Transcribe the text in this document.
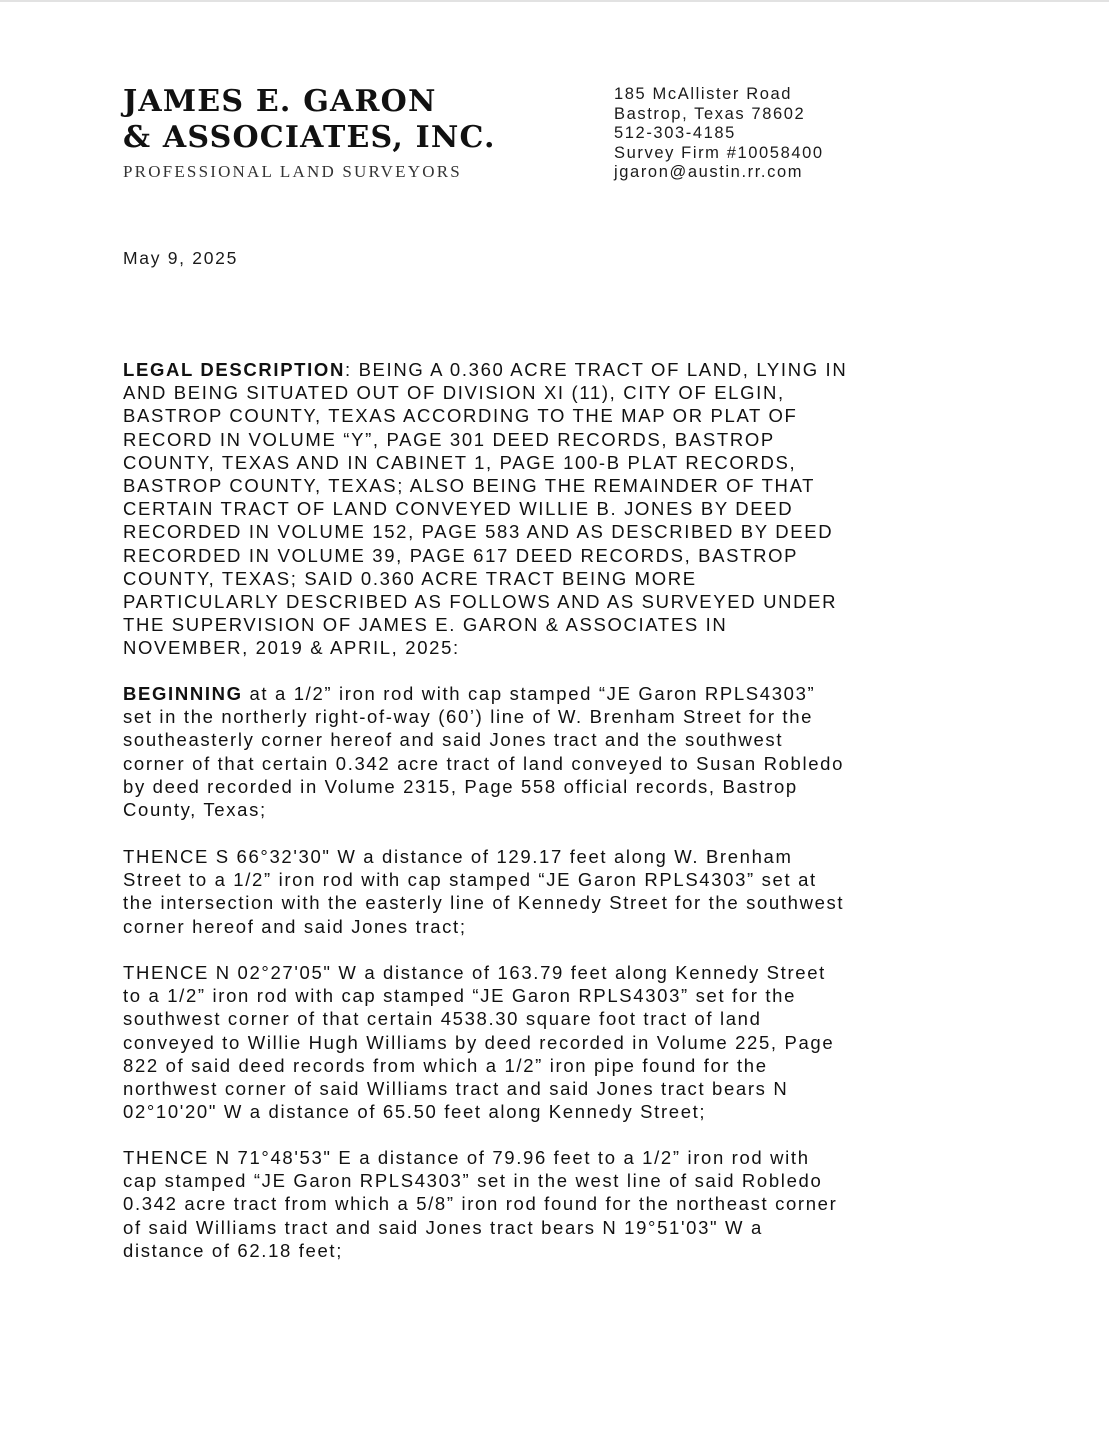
JAMES E. GARON
& ASSOCIATES, INC.
PROFESSIONAL LAND SURVEYORS
185 McAllister Road
Bastrop, Texas 78602
512-303-4185
Survey Firm #10058400
jgaron@austin.rr.com
May 9, 2025
LEGAL DESCRIPTION: BEING A 0.360 ACRE TRACT OF LAND, LYING IN
AND BEING SITUATED OUT OF DIVISION XI (11), CITY OF ELGIN,
BASTROP COUNTY, TEXAS ACCORDING TO THE MAP OR PLAT OF
RECORD IN VOLUME “Y”, PAGE 301 DEED RECORDS, BASTROP
COUNTY, TEXAS AND IN CABINET 1, PAGE 100-B PLAT RECORDS,
BASTROP COUNTY, TEXAS; ALSO BEING THE REMAINDER OF THAT
CERTAIN TRACT OF LAND CONVEYED WILLIE B. JONES BY DEED
RECORDED IN VOLUME 152, PAGE 583 AND AS DESCRIBED BY DEED
RECORDED IN VOLUME 39, PAGE 617 DEED RECORDS, BASTROP
COUNTY, TEXAS; SAID 0.360 ACRE TRACT BEING MORE
PARTICULARLY DESCRIBED AS FOLLOWS AND AS SURVEYED UNDER
THE SUPERVISION OF JAMES E. GARON & ASSOCIATES IN
NOVEMBER, 2019 & APRIL, 2025:
BEGINNING at a 1/2” iron rod with cap stamped “JE Garon RPLS4303”
set in the northerly right-of-way (60’) line of W. Brenham Street for the
southeasterly corner hereof and said Jones tract and the southwest
corner of that certain 0.342 acre tract of land conveyed to Susan Robledo
by deed recorded in Volume 2315, Page 558 official records, Bastrop
County, Texas;
THENCE S 66°32'30" W a distance of 129.17 feet along W. Brenham
Street to a 1/2” iron rod with cap stamped “JE Garon RPLS4303” set at
the intersection with the easterly line of Kennedy Street for the southwest
corner hereof and said Jones tract;
THENCE N 02°27'05" W a distance of 163.79 feet along Kennedy Street
to a 1/2” iron rod with cap stamped “JE Garon RPLS4303” set for the
southwest corner of that certain 4538.30 square foot tract of land
conveyed to Willie Hugh Williams by deed recorded in Volume 225, Page
822 of said deed records from which a 1/2” iron pipe found for the
northwest corner of said Williams tract and said Jones tract bears N
02°10'20" W a distance of 65.50 feet along Kennedy Street;
THENCE N 71°48'53" E a distance of 79.96 feet to a 1/2” iron rod with
cap stamped “JE Garon RPLS4303” set in the west line of said Robledo
0.342 acre tract from which a 5/8” iron rod found for the northeast corner
of said Williams tract and said Jones tract bears N 19°51'03" W a
distance of 62.18 feet;
